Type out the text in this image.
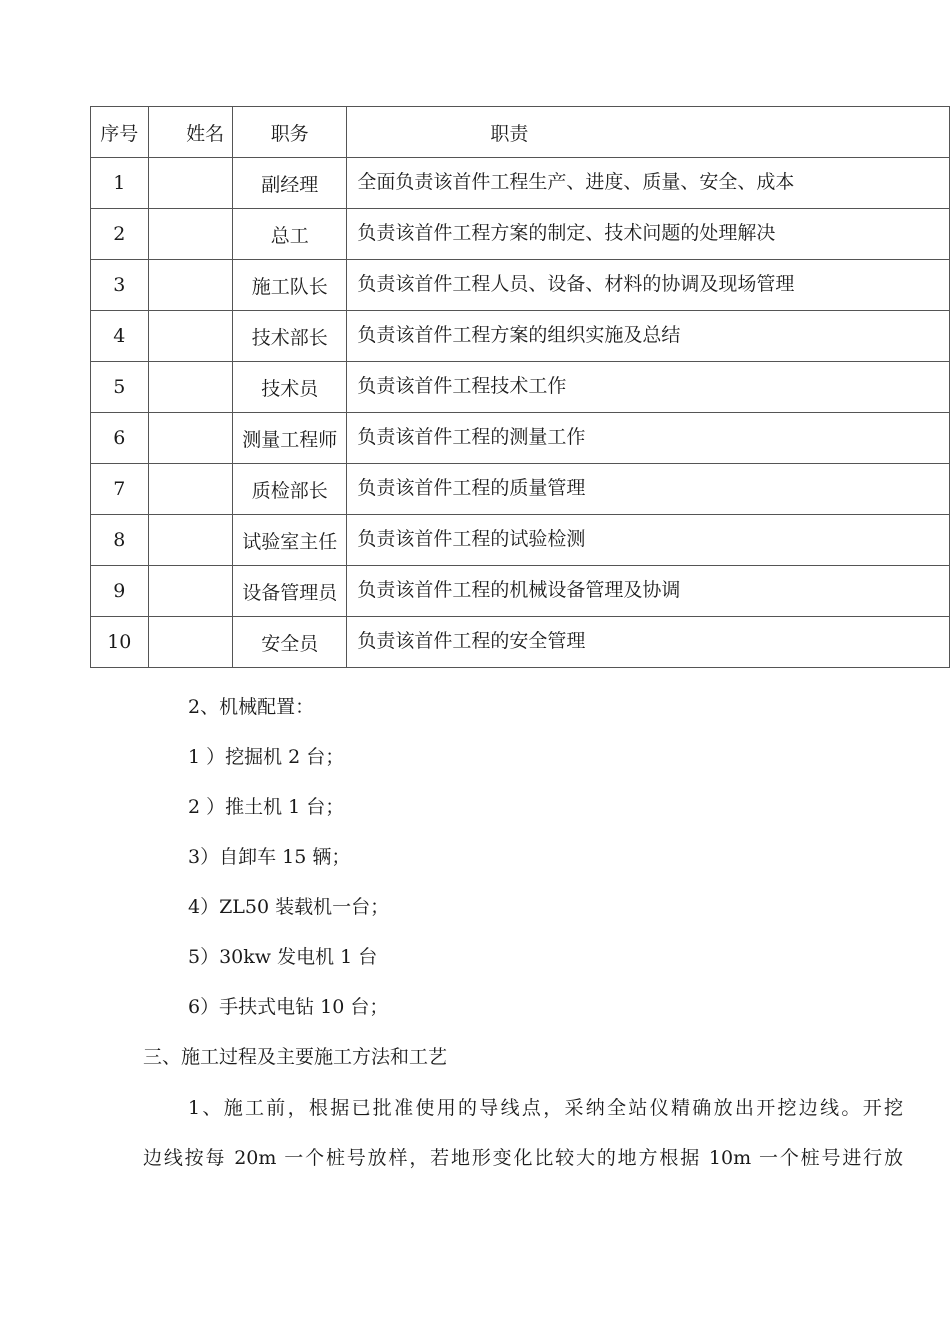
序号	姓名	职务	职责
1		副经理	全面负责该首件工程生产、进度、质量、安全、成本
2		总工	负责该首件工程方案的制定、技术问题的处理解决
3		施工队长	负责该首件工程人员、设备、材料的协调及现场管理
4		技术部长	负责该首件工程方案的组织实施及总结
5		技术员	负责该首件工程技术工作
6		测量工程师	负责该首件工程的测量工作
7		质检部长	负责该首件工程的质量管理
8		试验室主任	负责该首件工程的试验检测
9		设备管理员	负责该首件工程的机械设备管理及协调
10		安全员	负责该首件工程的安全管理

2、机械配置：

1 ）挖掘机 2 台；

2 ）推土机 1 台；

3）自卸车 15 辆；

4）ZL50 装载机一台；

5）30kw 发电机 1 台

6）手扶式电钻 10 台；

三、施工过程及主要施工方法和工艺

1、施工前，根据已批准使用的导线点，采纳全站仪精确放出开挖边线。开挖

边线按每 20m 一个桩号放样，若地形变化比较大的地方根据 10m 一个桩号进行放
